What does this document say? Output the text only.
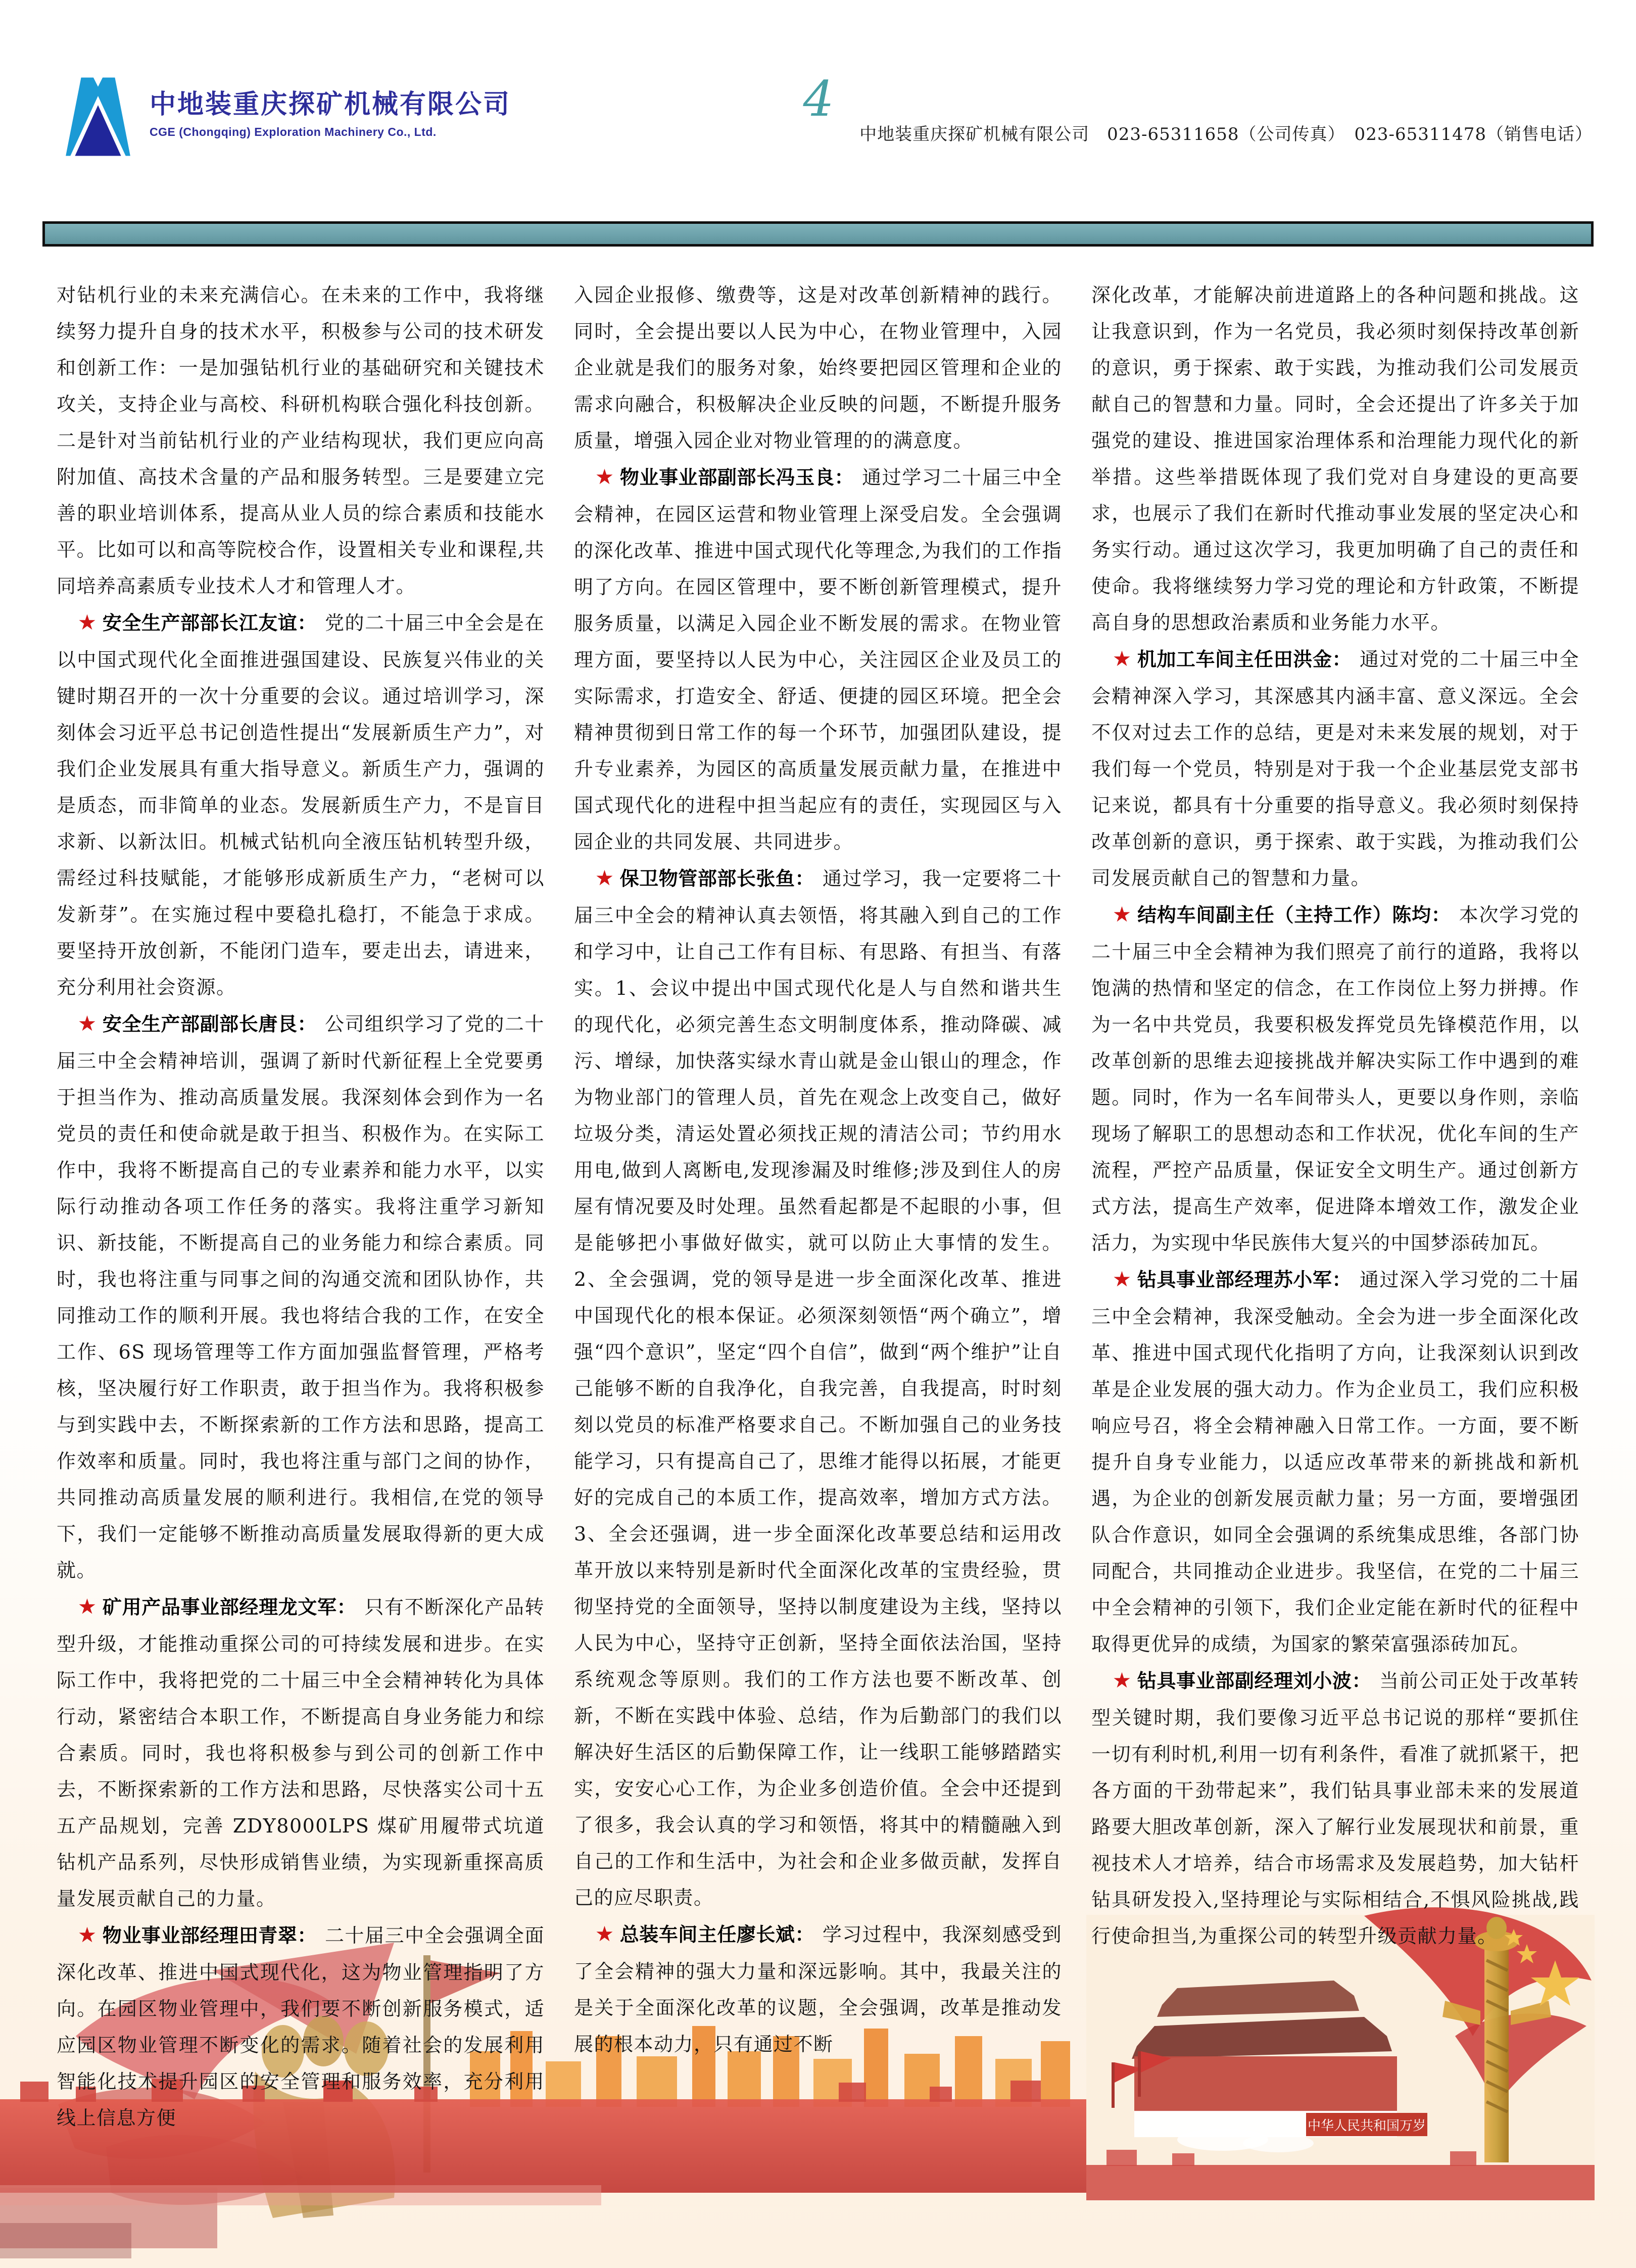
中华人民共和国万岁
中地装重庆探矿机械有限公司
CGE (Chongqing) Exploration Machinery Co., Ltd.
4
中地装重庆探矿机械有限公司　023-65311658（公司传真）　023-65311478（销售电话）

对钻机行业的未来充满信心。在未来的工作中，我将继续努力提升自身的技术水平，积极参与公司的技术研发和创新工作：一是加强钻机行业的基础研究和关键技术攻关，支持企业与高校、科研机构联合强化科技创新。二是针对当前钻机行业的产业结构现状，我们更应向高附加值、高技术含量的产品和服务转型。三是要建立完善的职业培训体系，提高从业人员的综合素质和技能水平。比如可以和高等院校合作，设置相关专业和课程,共同培养高素质专业技术人才和管理人才。

★ 安全生产部部长江友谊： 党的二十届三中全会是在以中国式现代化全面推进强国建设、民族复兴伟业的关键时期召开的一次十分重要的会议。通过培训学习，深刻体会习近平总书记创造性提出“发展新质生产力”，对我们企业发展具有重大指导意义。新质生产力，强调的是质态，而非简单的业态。发展新质生产力，不是盲目求新、以新汰旧。机械式钻机向全液压钻机转型升级，需经过科技赋能，才能够形成新质生产力，“老树可以发新芽”。在实施过程中要稳扎稳打，不能急于求成。要坚持开放创新，不能闭门造车，要走出去，请进来，充分利用社会资源。

★ 安全生产部副部长唐艮： 公司组织学习了党的二十届三中全会精神培训，强调了新时代新征程上全党要勇于担当作为、推动高质量发展。我深刻体会到作为一名党员的责任和使命就是敢于担当、积极作为。在实际工作中，我将不断提高自己的专业素养和能力水平，以实际行动推动各项工作任务的落实。我将注重学习新知识、新技能，不断提高自己的业务能力和综合素质。同时，我也将注重与同事之间的沟通交流和团队协作，共同推动工作的顺利开展。我也将结合我的工作，在安全工作、6S 现场管理等工作方面加强监督管理，严格考核，坚决履行好工作职责，敢于担当作为。我将积极参与到实践中去，不断探索新的工作方法和思路，提高工作效率和质量。同时，我也将注重与部门之间的协作，共同推动高质量发展的顺利进行。我相信,在党的领导下，我们一定能够不断推动高质量发展取得新的更大成就。

★ 矿用产品事业部经理龙文军： 只有不断深化产品转型升级，才能推动重探公司的可持续发展和进步。在实际工作中，我将把党的二十届三中全会精神转化为具体行动，紧密结合本职工作，不断提高自身业务能力和综合素质。同时，我也将积极参与到公司的创新工作中去，不断探索新的工作方法和思路，尽快落实公司十五五产品规划，完善 ZDY8000LPS 煤矿用履带式坑道钻机产品系列，尽快形成销售业绩，为实现新重探高质量发展贡献自己的力量。

★ 物业事业部经理田青翠： 二十届三中全会强调全面深化改革、推进中国式现代化，这为物业管理指明了方向。在园区物业管理中，我们要不断创新服务模式，适应园区物业管理不断变化的需求。随着社会的发展利用智能化技术提升园区的安全管理和服务效率，充分利用线上信息方便

入园企业报修、缴费等，这是对改革创新精神的践行。同时，全会提出要以人民为中心，在物业管理中，入园企业就是我们的服务对象，始终要把园区管理和企业的需求向融合，积极解决企业反映的问题，不断提升服务质量，增强入园企业对物业管理的的满意度。

★ 物业事业部副部长冯玉良： 通过学习二十届三中全会精神，在园区运营和物业管理上深受启发。全会强调的深化改革、推进中国式现代化等理念,为我们的工作指明了方向。在园区管理中，要不断创新管理模式，提升服务质量，以满足入园企业不断发展的需求。在物业管理方面，要坚持以人民为中心，关注园区企业及员工的实际需求，打造安全、舒适、便捷的园区环境。把全会精神贯彻到日常工作的每一个环节，加强团队建设，提升专业素养，为园区的高质量发展贡献力量，在推进中国式现代化的进程中担当起应有的责任，实现园区与入园企业的共同发展、共同进步。

★ 保卫物管部部长张鱼： 通过学习，我一定要将二十届三中全会的精神认真去领悟，将其融入到自己的工作和学习中，让自己工作有目标、有思路、有担当、有落实。1、会议中提出中国式现代化是人与自然和谐共生的现代化，必须完善生态文明制度体系，推动降碳、减污、增绿，加快落实绿水青山就是金山银山的理念，作为物业部门的管理人员，首先在观念上改变自己，做好垃圾分类，清运处置必须找正规的清洁公司；节约用水用电,做到人离断电,发现渗漏及时维修;涉及到住人的房屋有情况要及时处理。虽然看起都是不起眼的小事，但是能够把小事做好做实，就可以防止大事情的发生。2、全会强调，党的领导是进一步全面深化改革、推进中国现代化的根本保证。必须深刻领悟“两个确立”，增强“四个意识”，坚定“四个自信”，做到“两个维护”让自己能够不断的自我净化，自我完善，自我提高，时时刻刻以党员的标准严格要求自己。不断加强自己的业务技能学习，只有提高自己了，思维才能得以拓展，才能更好的完成自己的本质工作，提高效率，增加方式方法。3、全会还强调，进一步全面深化改革要总结和运用改革开放以来特别是新时代全面深化改革的宝贵经验，贯彻坚持党的全面领导，坚持以制度建设为主线，坚持以人民为中心，坚持守正创新，坚持全面依法治国，坚持系统观念等原则。我们的工作方法也要不断改革、创新，不断在实践中体验、总结，作为后勤部门的我们以解决好生活区的后勤保障工作，让一线职工能够踏踏实实，安安心心工作，为企业多创造价值。全会中还提到了很多，我会认真的学习和领悟，将其中的精髓融入到自己的工作和生活中，为社会和企业多做贡献，发挥自己的应尽职责。

★ 总装车间主任廖长斌： 学习过程中，我深刻感受到了全会精神的强大力量和深远影响。其中，我最关注的是关于全面深化改革的议题，全会强调，改革是推动发展的根本动力，只有通过不断

深化改革，才能解决前进道路上的各种问题和挑战。这让我意识到，作为一名党员，我必须时刻保持改革创新的意识，勇于探索、敢于实践，为推动我们公司发展贡献自己的智慧和力量。同时，全会还提出了许多关于加强党的建设、推进国家治理体系和治理能力现代化的新举措。这些举措既体现了我们党对自身建设的更高要求，也展示了我们在新时代推动事业发展的坚定决心和务实行动。通过这次学习，我更加明确了自己的责任和使命。我将继续努力学习党的理论和方针政策，不断提高自身的思想政治素质和业务能力水平。

★ 机加工车间主任田洪金： 通过对党的二十届三中全会精神深入学习，其深感其内涵丰富、意义深远。全会不仅对过去工作的总结，更是对未来发展的规划，对于我们每一个党员，特别是对于我一个企业基层党支部书记来说，都具有十分重要的指导意义。我必须时刻保持改革创新的意识，勇于探索、敢于实践，为推动我们公司发展贡献自己的智慧和力量。

★ 结构车间副主任（主持工作）陈均： 本次学习党的二十届三中全会精神为我们照亮了前行的道路，我将以饱满的热情和坚定的信念，在工作岗位上努力拼搏。作为一名中共党员，我要积极发挥党员先锋模范作用，以改革创新的思维去迎接挑战并解决实际工作中遇到的难题。同时，作为一名车间带头人，更要以身作则，亲临现场了解职工的思想动态和工作状况，优化车间的生产流程，严控产品质量，保证安全文明生产。通过创新方式方法，提高生产效率，促进降本增效工作，激发企业活力，为实现中华民族伟大复兴的中国梦添砖加瓦。

★ 钻具事业部经理苏小军： 通过深入学习党的二十届三中全会精神，我深受触动。全会为进一步全面深化改革、推进中国式现代化指明了方向，让我深刻认识到改革是企业发展的强大动力。作为企业员工，我们应积极响应号召，将全会精神融入日常工作。一方面，要不断提升自身专业能力，以适应改革带来的新挑战和新机遇，为企业的创新发展贡献力量；另一方面，要增强团队合作意识，如同全会强调的系统集成思维，各部门协同配合，共同推动企业进步。我坚信，在党的二十届三中全会精神的引领下，我们企业定能在新时代的征程中取得更优异的成绩，为国家的繁荣富强添砖加瓦。

★ 钻具事业部副经理刘小波： 当前公司正处于改革转型关键时期，我们要像习近平总书记说的那样“要抓住一切有利时机,利用一切有利条件，看准了就抓紧干，把各方面的干劲带起来”，我们钻具事业部未来的发展道路要大胆改革创新，深入了解行业发展现状和前景，重视技术人才培养，结合市场需求及发展趋势，加大钻杆钻具研发投入,坚持理论与实际相结合,不惧风险挑战,践行使命担当,为重探公司的转型升级贡献力量。
